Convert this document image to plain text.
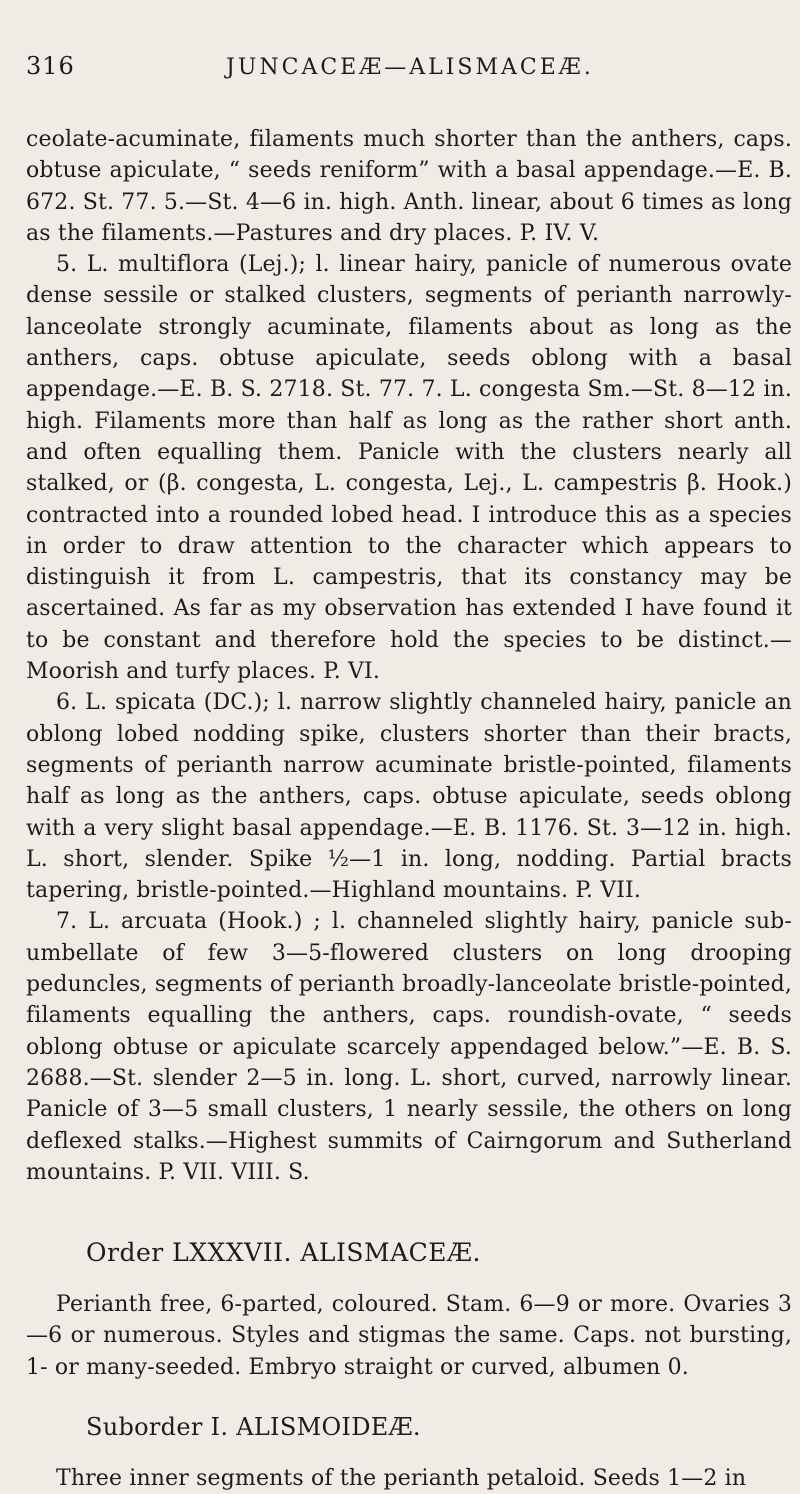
316	JUNCACEÆ—ALISMACEÆ.

ceolate-acuminate, filaments much shorter than the anthers, caps. obtuse apiculate, “ seeds reniform” with a basal appendage.—E. B. 672. St. 77. 5.—St. 4—6 in. high. Anth. linear, about 6 times as long as the filaments.—Pastures and dry places. P. IV. V.

5. L. multiflora (Lej.); l. linear hairy, panicle of numerous ovate dense sessile or stalked clusters, segments of perianth narrowly-lanceolate strongly acuminate, filaments about as long as the anthers, caps. obtuse apiculate, seeds oblong with a basal appendage.—E. B. S. 2718. St. 77. 7. L. congesta Sm.—St. 8—12 in. high. Filaments more than half as long as the rather short anth. and often equalling them. Panicle with the clusters nearly all stalked, or (β. congesta, L. congesta, Lej., L. campestris β. Hook.) contracted into a rounded lobed head. I introduce this as a species in order to draw attention to the character which appears to distinguish it from L. campestris, that its constancy may be ascertained. As far as my observation has extended I have found it to be constant and therefore hold the species to be distinct.—Moorish and turfy places. P. VI.

6. L. spicata (DC.); l. narrow slightly channeled hairy, panicle an oblong lobed nodding spike, clusters shorter than their bracts, segments of perianth narrow acuminate bristle-pointed, filaments half as long as the anthers, caps. obtuse apiculate, seeds oblong with a very slight basal appendage.—E. B. 1176. St. 3—12 in. high. L. short, slender. Spike ½—1 in. long, nodding. Partial bracts tapering, bristle-pointed.—Highland mountains. P. VII.

7. L. arcuata (Hook.) ; l. channeled slightly hairy, panicle sub-umbellate of few 3—5-flowered clusters on long drooping peduncles, segments of perianth broadly-lanceolate bristle-pointed, filaments equalling the anthers, caps. roundish-ovate, “ seeds oblong obtuse or apiculate scarcely appendaged below.”—E. B. S. 2688.—St. slender 2—5 in. long. L. short, curved, narrowly linear. Panicle of 3—5 small clusters, 1 nearly sessile, the others on long deflexed stalks.—Highest summits of Cairngorum and Sutherland mountains. P. VII. VIII. S.

Order LXXXVII. ALISMACEÆ.

Perianth free, 6-parted, coloured. Stam. 6—9 or more. Ovaries 3—6 or numerous. Styles and stigmas the same. Caps. not bursting, 1- or many-seeded. Embryo straight or curved, albumen 0.

Suborder I. ALISMOIDEÆ.

Three inner segments of the perianth petaloid. Seeds 1—2 in
